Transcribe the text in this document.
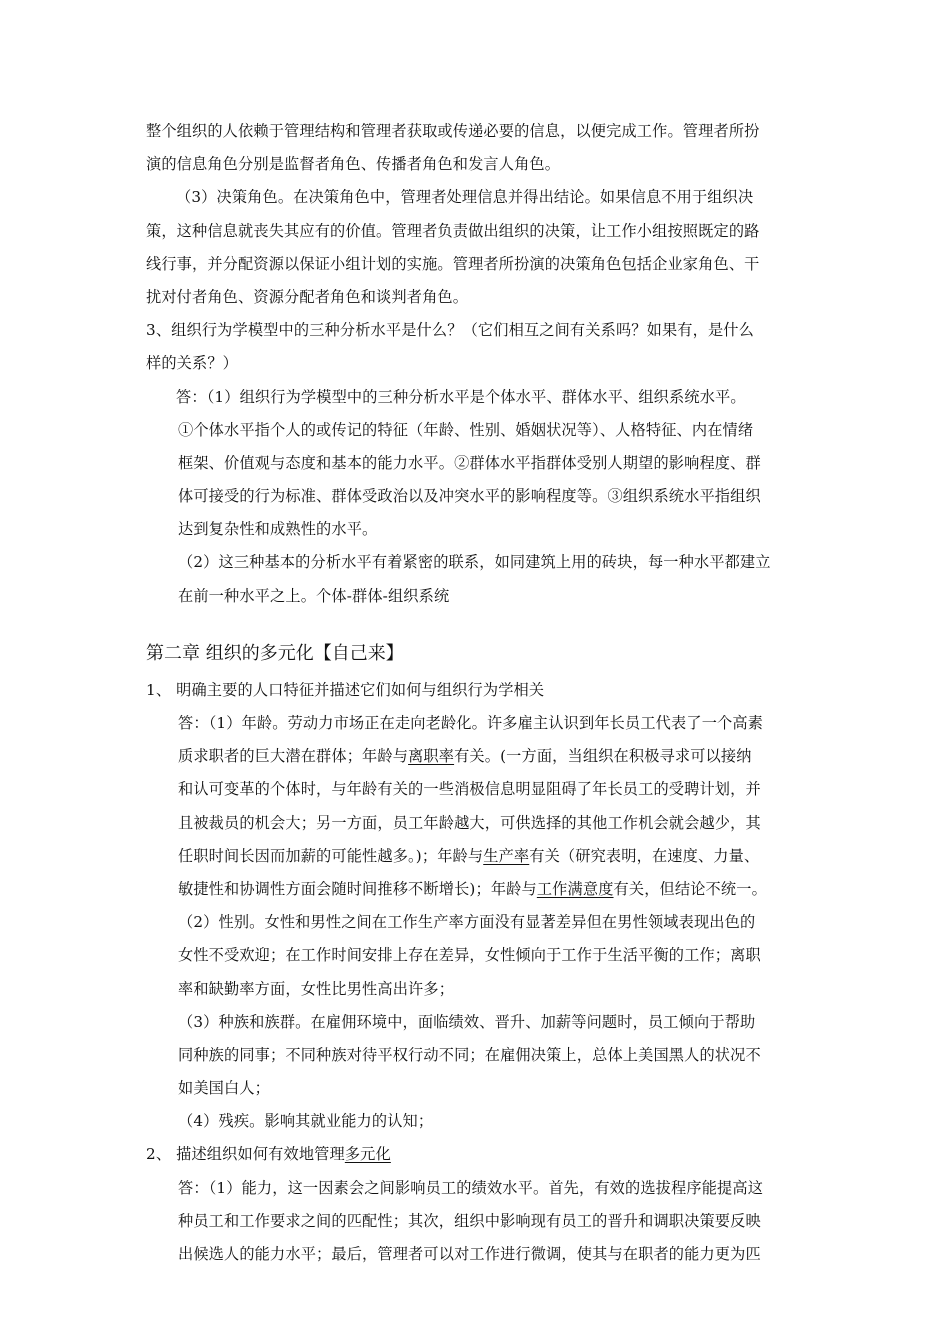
整个组织的人依赖于管理结构和管理者获取或传递必要的信息，以便完成工作。管理者所扮
演的信息角色分别是监督者角色、传播者角色和发言人角色。
（3）决策角色。在决策角色中，管理者处理信息并得出结论。如果信息不用于组织决
策，这种信息就丧失其应有的价值。管理者负责做出组织的决策，让工作小组按照既定的路
线行事，并分配资源以保证小组计划的实施。管理者所扮演的决策角色包括企业家角色、干
扰对付者角色、资源分配者角色和谈判者角色。
3、组织行为学模型中的三种分析水平是什么？（它们相互之间有关系吗？如果有，是什么
样的关系？）
答：（1）组织行为学模型中的三种分析水平是个体水平、群体水平、组织系统水平。
①个体水平指个人的或传记的特征（年龄、性别、婚姻状况等）、人格特征、内在情绪
框架、价值观与态度和基本的能力水平。②群体水平指群体受别人期望的影响程度、群
体可接受的行为标准、群体受政治以及冲突水平的影响程度等。③组织系统水平指组织
达到复杂性和成熟性的水平。
（2）这三种基本的分析水平有着紧密的联系，如同建筑上用的砖块，每一种水平都建立
在前一种水平之上。个体-群体-组织系统
第二章 组织的多元化【自己来】
1、 明确主要的人口特征并描述它们如何与组织行为学相关
答：（1）年龄。劳动力市场正在走向老龄化。许多雇主认识到年长员工代表了一个高素
质求职者的巨大潜在群体；年龄与离职率有关。(一方面，当组织在积极寻求可以接纳
和认可变革的个体时，与年龄有关的一些消极信息明显阻碍了年长员工的受聘计划，并
且被裁员的机会大；另一方面，员工年龄越大，可供选择的其他工作机会就会越少，其
任职时间长因而加薪的可能性越多。)；年龄与生产率有关（研究表明，在速度、力量、
敏捷性和协调性方面会随时间推移不断增长)；年龄与工作满意度有关，但结论不统一。
（2）性别。女性和男性之间在工作生产率方面没有显著差异但在男性领域表现出色的
女性不受欢迎；在工作时间安排上存在差异，女性倾向于工作于生活平衡的工作；离职
率和缺勤率方面，女性比男性高出许多；
（3）种族和族群。在雇佣环境中，面临绩效、晋升、加薪等问题时，员工倾向于帮助
同种族的同事；不同种族对待平权行动不同；在雇佣决策上，总体上美国黑人的状况不
如美国白人；
（4）残疾。影响其就业能力的认知；
2、 描述组织如何有效地管理多元化
答：（1）能力，这一因素会之间影响员工的绩效水平。首先，有效的选拔程序能提高这
种员工和工作要求之间的匹配性；其次，组织中影响现有员工的晋升和调职决策要反映
出候选人的能力水平；最后，管理者可以对工作进行微调，使其与在职者的能力更为匹
